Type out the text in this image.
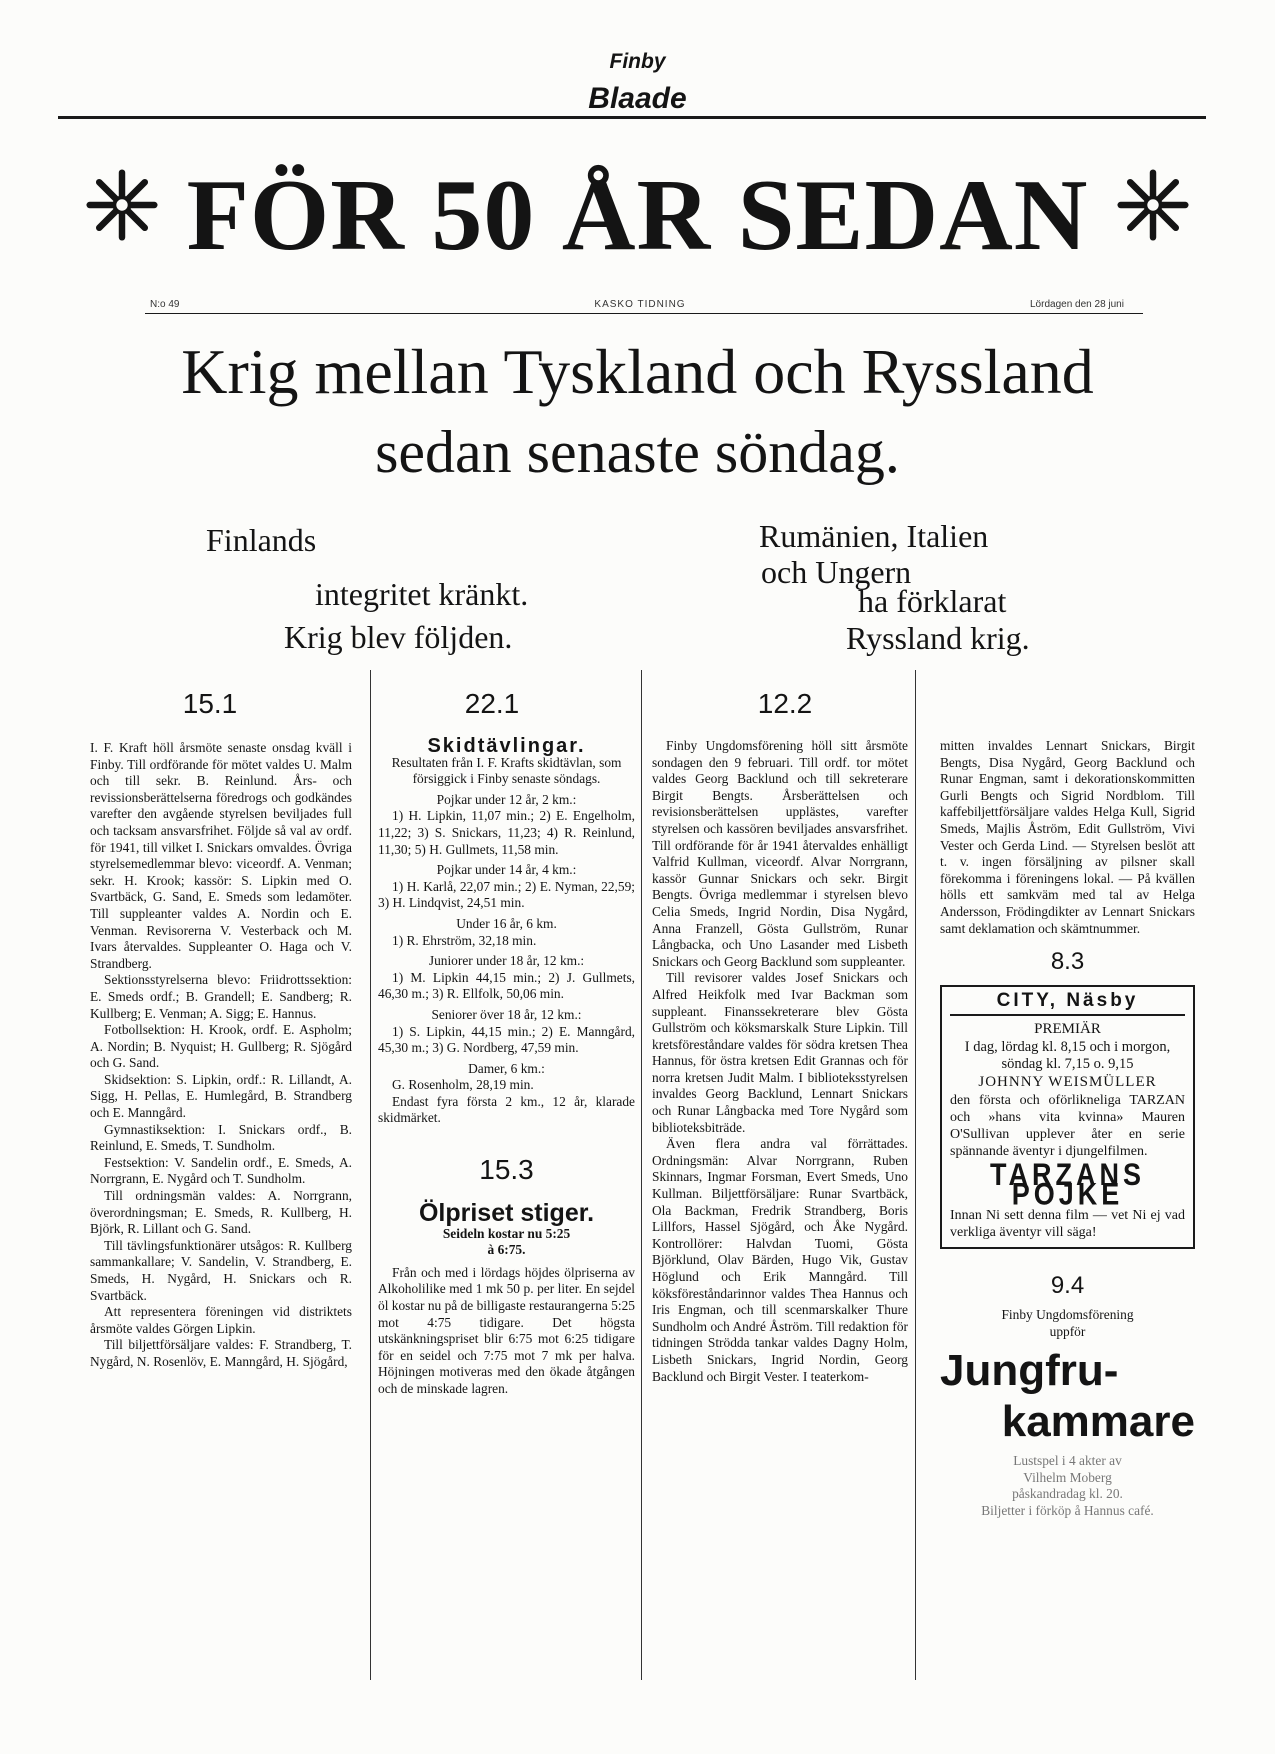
Finby
Blaade
FÖR 50 ÅR SEDAN
N:o 49	KASKO TIDNING	Lördagen den 28 juni
Krig mellan Tyskland och Ryssland
sedan senaste söndag.
Finlands
integritet kränkt.
Krig blev följden.
Rumänien, Italien
och Ungern
ha förklarat
Ryssland krig.
15.1	22.1	12.2

I. F. Kraft höll årsmöte senaste onsdag kväll i Finby. Till ordförande för mötet valdes U. Malm och till sekr. B. Reinlund. Års- och revissionsberättelserna föredrogs och godkändes varefter den avgående styrelsen beviljades full och tacksam ansvarsfrihet. Följde så val av ordf. för 1941, till vilket I. Snickars omvaldes. Övriga styrelsemedlemmar blevo: viceordf. A. Venman; sekr. H. Krook; kassör: S. Lipkin med O. Svartbäck, G. Sand, E. Smeds som ledamöter. Till suppleanter valdes A. Nordin och E. Venman. Revisorerna V. Vesterback och M. Ivars återvaldes. Suppleanter O. Haga och V. Strandberg.

Sektionsstyrelserna blevo: Friidrottssektion: E. Smeds ordf.; B. Grandell; E. Sandberg; R. Kullberg; E. Venman; A. Sigg; E. Hannus.

Fotbollsektion: H. Krook, ordf. E. Aspholm; A. Nordin; B. Nyquist; H. Gullberg; R. Sjögård och G. Sand.

Skidsektion: S. Lipkin, ordf.: R. Lillandt, A. Sigg, H. Pellas, E. Humlegård, B. Strandberg och E. Manngård.

Gymnastiksektion: I. Snickars ordf., B. Reinlund, E. Smeds, T. Sundholm.

Festsektion: V. Sandelin ordf., E. Smeds, A. Norrgrann, E. Nygård och T. Sundholm.

Till ordningsmän valdes: A. Norrgrann, överordningsman; E. Smeds, R. Kullberg, H. Björk, R. Lillant och G. Sand.

Till tävlingsfunktionärer utsågos: R. Kullberg sammankallare; V. Sandelin, V. Strandberg, E. Smeds, H. Nygård, H. Snickars och R. Svartbäck.

Att representera föreningen vid distriktets årsmöte valdes Görgen Lipkin.

Till biljettförsäljare valdes: F. Strandberg, T. Nygård, N. Rosenlöv, E. Manngård, H. Sjögård,

Skidtävlingar.

Resultaten från I. F. Krafts skidtävlan, som försiggick i Finby senaste söndags.

Pojkar under 12 år, 2 km.:

1) H. Lipkin, 11,07 min.; 2) E. Engelholm, 11,22; 3) S. Snickars, 11,23; 4) R. Reinlund, 11,30; 5) H. Gullmets, 11,58 min.

Pojkar under 14 år, 4 km.:

1) H. Karlå, 22,07 min.; 2) E. Nyman, 22,59; 3) H. Lindqvist, 24,51 min.

Under 16 år, 6 km.

1) R. Ehrström, 32,18 min.

Juniorer under 18 år, 12 km.:

1) M. Lipkin 44,15 min.; 2) J. Gullmets, 46,30 m.; 3) R. Ellfolk, 50,06 min.

Seniorer över 18 år, 12 km.:

1) S. Lipkin, 44,15 min.; 2) E. Manngård, 45,30 m.; 3) G. Nordberg, 47,59 min.

Damer, 6 km.:

G. Rosenholm, 28,19 min.

Endast fyra första 2 km., 12 år, klarade skidmärket.

15.3

Ölpriset stiger.

Seideln kostar nu 5:25

à 6:75.

Från och med i lördags höjdes ölpriserna av Alkoholilike med 1 mk 50 p. per liter. En sejdel öl kostar nu på de billigaste restaurangerna 5:25 mot 4:75 tidigare. Det högsta utskänkningspriset blir 6:75 mot 6:25 tidigare för en seidel och 7:75 mot 7 mk per halva. Höjningen motiveras med den ökade åtgången och de minskade lagren.

Finby Ungdomsförening höll sitt årsmöte sondagen den 9 februari. Till ordf. tor mötet valdes Georg Backlund och till sekreterare Birgit Bengts. Årsberättelsen och revisionsberättelsen upplästes, varefter styrelsen och kassören beviljades ansvarsfrihet. Till ordförande för år 1941 återvaldes enhälligt Valfrid Kullman, viceordf. Alvar Norrgrann, kassör Gunnar Snickars och sekr. Birgit Bengts. Övriga medlemmar i styrelsen blevo Celia Smeds, Ingrid Nordin, Disa Nygård, Anna Franzell, Gösta Gullström, Runar Långbacka, och Uno Lasander med Lisbeth Snickars och Georg Backlund som suppleanter.

Till revisorer valdes Josef Snickars och Alfred Heikfolk med Ivar Backman som suppleant. Finanssekreterare blev Gösta Gullström och köksmarskalk Sture Lipkin. Till kretsföreståndare valdes för södra kretsen Thea Hannus, för östra kretsen Edit Grannas och för norra kretsen Judit Malm. I biblioteksstyrelsen invaldes Georg Backlund, Lennart Snickars och Runar Långbacka med Tore Nygård som biblioteksbiträde.

Även flera andra val förrättades. Ordningsmän: Alvar Norrgrann, Ruben Skinnars, Ingmar Forsman, Evert Smeds, Uno Kullman. Biljettförsäljare: Runar Svartbäck, Ola Backman, Fredrik Strandberg, Boris Lillfors, Hassel Sjögård, och Åke Nygård. Kontrollörer: Halvdan Tuomi, Gösta Björklund, Olav Bärden, Hugo Vik, Gustav Höglund och Erik Manngård. Till köksföreståndarinnor valdes Thea Hannus och Iris Engman, och till scenmarskalker Thure Sundholm och André Åström. Till redaktion för tidningen Strödda tankar valdes Dagny Holm, Lisbeth Snickars, Ingrid Nordin, Georg Backlund och Birgit Vester. I teaterkom-

mitten invaldes Lennart Snickars, Birgit Bengts, Disa Nygård, Georg Backlund och Runar Engman, samt i dekorationskommitten Gurli Bengts och Sigrid Nordblom. Till kaffebiljettförsäljare valdes Helga Kull, Sigrid Smeds, Majlis Åström, Edit Gullström, Vivi Vester och Gerda Lind. — Styrelsen beslöt att t. v. ingen försäljning av pilsner skall förekomma i föreningens lokal. — På kvällen hölls ett samkväm med tal av Helga Andersson, Frödingdikter av Lennart Snickars samt deklamation och skämtnummer.

8.3

CITY, Näsby

PREMIÄR

I dag, lördag kl. 8,15 och i morgon, söndag kl. 7,15 o. 9,15

JOHNNY WEISMÜLLER

den första och oförlikneliga TARZAN och »hans vita kvinna» Mauren O'Sullivan upplever åter en serie spännande äventyr i djungelfilmen.

TARZANS POJKE

Innan Ni sett denna film — vet Ni ej vad verkliga äventyr vill säga!

9.4

Finby Ungdomsförening

uppför

Jungfru-

kammare

Lustspel i 4 akter av

Vilhelm Moberg

påskandradag kl. 20.

Biljetter i förköp å Hannus café.
